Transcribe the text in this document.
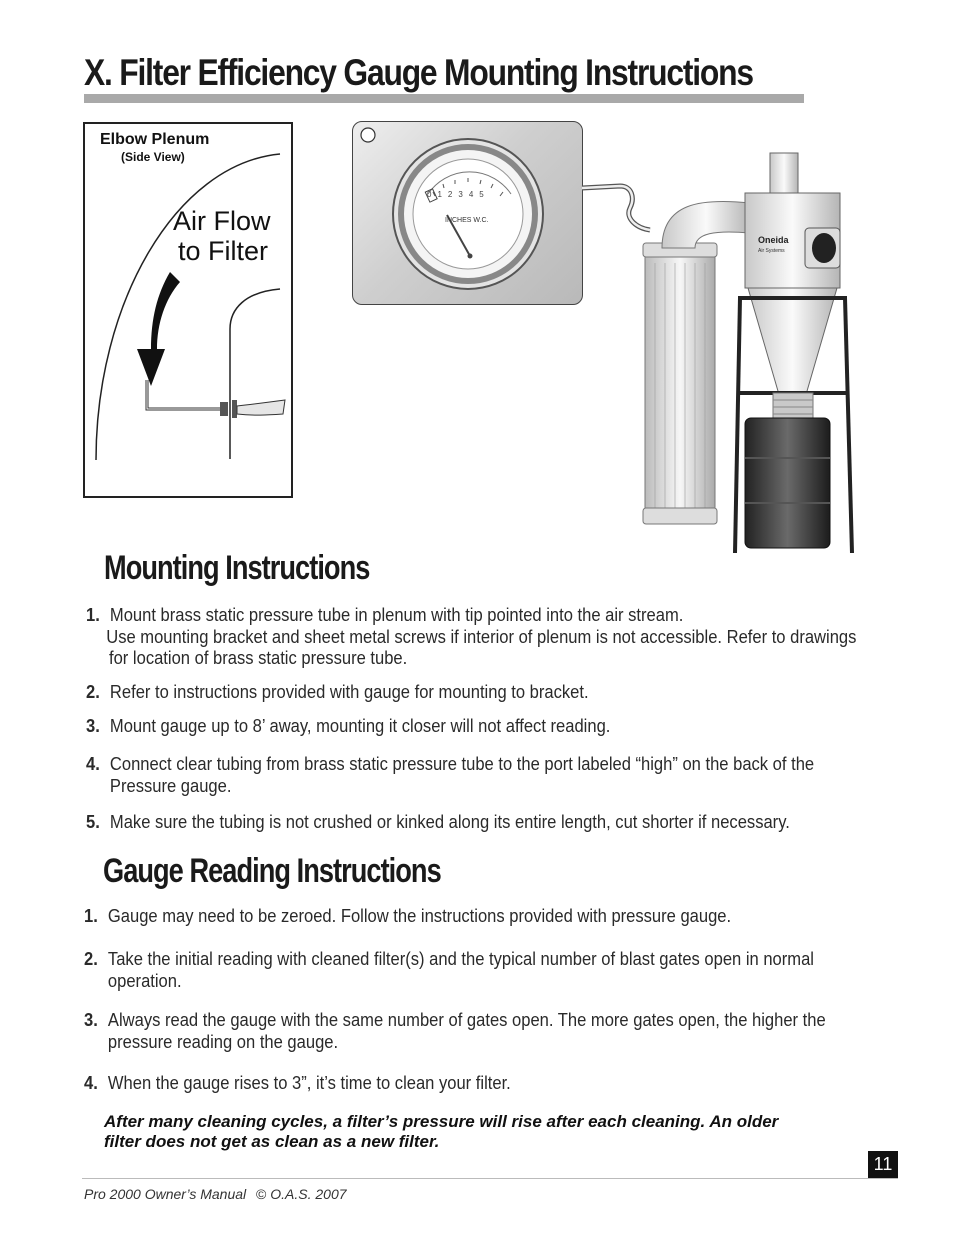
X. Filter Efficiency Gauge Mounting Instructions
Elbow Plenum
(Side View)
Air Flow
to Filter
012345
INCHES W.C.
Oneida
Air Systems
Mounting Instructions
1. Mount brass static pressure tube in plenum with tip pointed into the air stream.
Use mounting bracket and sheet metal screws if interior of plenum is not accessible. Refer to drawings
for location of brass static pressure tube.
2. Refer to instructions provided with gauge for mounting to bracket.
3. Mount gauge up to 8’ away, mounting it closer will not affect reading.
4. Connect clear tubing from brass static pressure tube to the port labeled “high” on the back of the
Pressure gauge.
5. Make sure the tubing is not crushed or kinked along its entire length, cut shorter if necessary.
Gauge Reading Instructions
1. Gauge may need to be zeroed. Follow the instructions provided with pressure gauge.
2. Take the initial reading with cleaned filter(s) and the typical number of blast gates open in normal
operation.
3. Always read the gauge with the same number of gates open. The more gates open, the higher the
pressure reading on the gauge.
4. When the gauge rises to 3”, it’s time to clean your filter.
After many cleaning cycles, a filter’s pressure will rise after each cleaning. An older
filter does not get as clean as a new filter.
11
Pro 2000 Owner’s Manual © O.A.S. 2007
